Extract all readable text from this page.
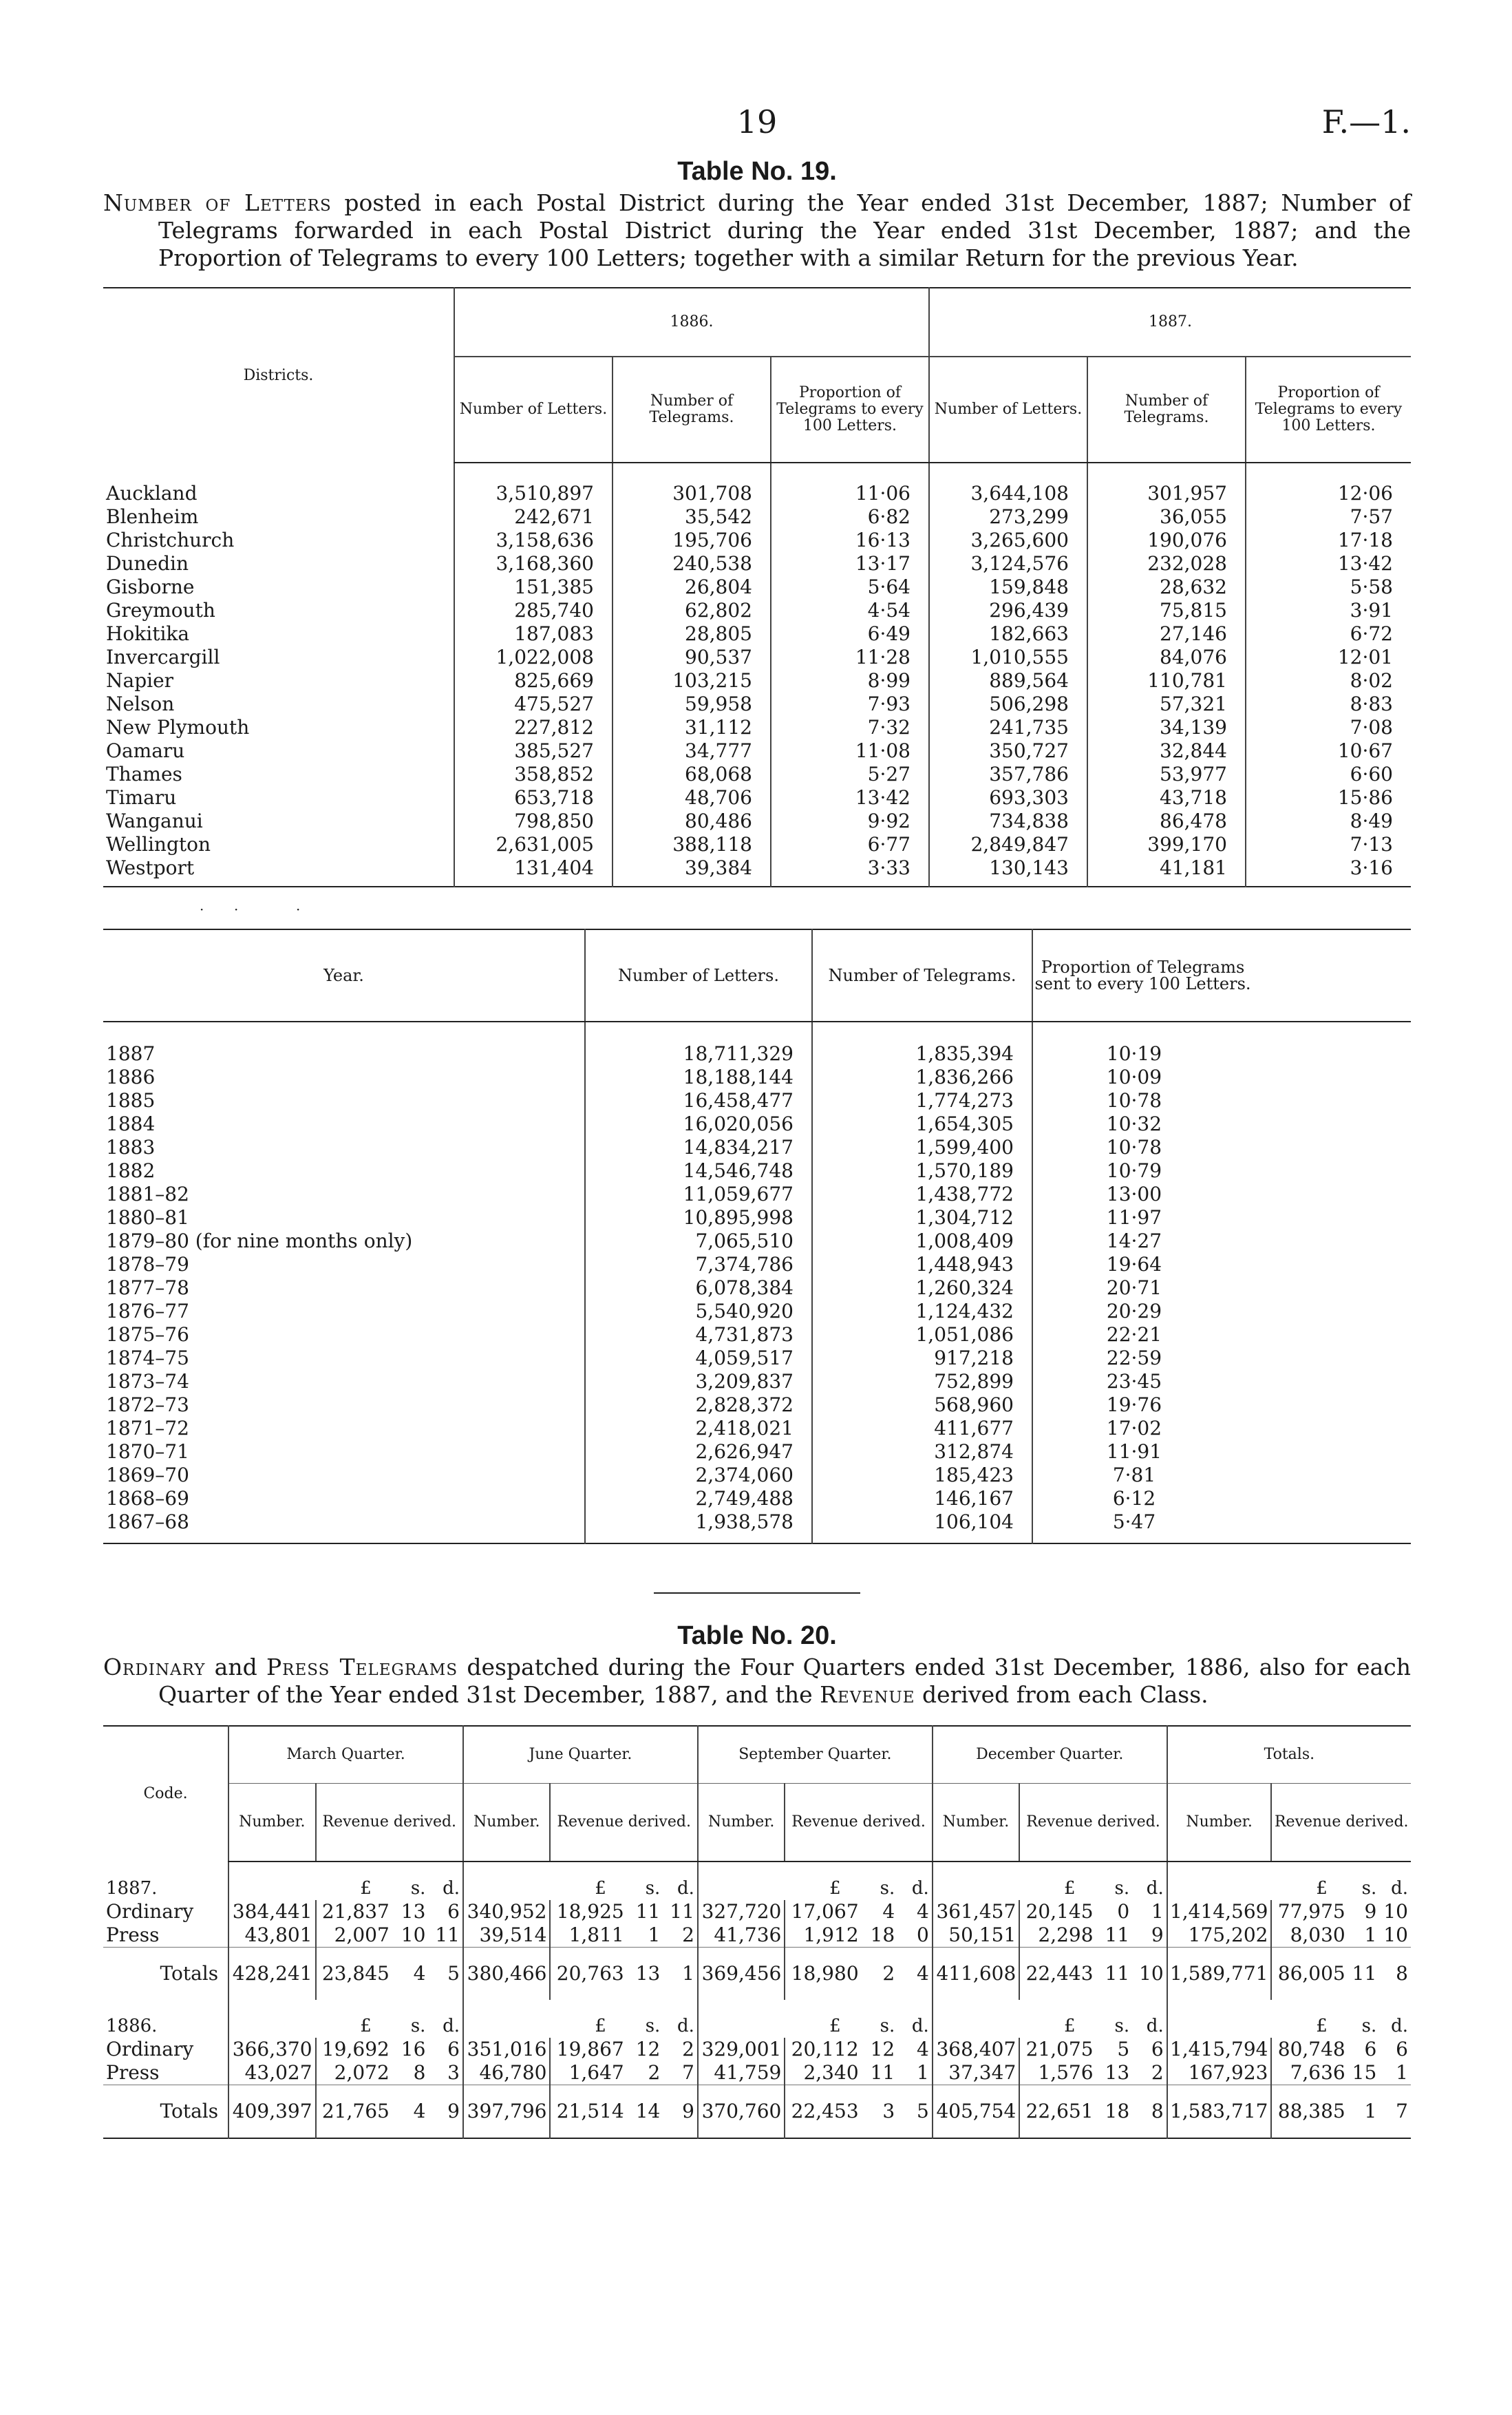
19	F.—1.
Table No. 19.
Number of Letters posted in each Postal District during the Year ended 31st December, 1887; Number of Telegrams forwarded in each Postal District during the Year ended 31st December, 1887; and the Proportion of Telegrams to every 100 Letters; together with a similar Return for the previous Year.
Districts.	1886.			1887.		
	Number of Letters.	Number of Telegrams.	Proportion of Telegrams to every 100 Letters.	Number of Letters.	Number of Telegrams.	Proportion of Telegrams to every 100 Letters.
Auckland	3,510,897	301,708	11·06	3,644,108	301,957	12·06
Blenheim	242,671	35,542	6·82	273,299	36,055	7·57
Christchurch	3,158,636	195,706	16·13	3,265,600	190,076	17·18
Dunedin	3,168,360	240,538	13·17	3,124,576	232,028	13·42
Gisborne	151,385	26,804	5·64	159,848	28,632	5·58
Greymouth	285,740	62,802	4·54	296,439	75,815	3·91
Hokitika	187,083	28,805	6·49	182,663	27,146	6·72
Invercargill	1,022,008	90,537	11·28	1,010,555	84,076	12·01
Napier	825,669	103,215	8·99	889,564	110,781	8·02
Nelson	475,527	59,958	7·93	506,298	57,321	8·83
New Plymouth	227,812	31,112	7·32	241,735	34,139	7·08
Oamaru	385,527	34,777	11·08	350,727	32,844	10·67
Thames	358,852	68,068	5·27	357,786	53,977	6·60
Timaru	653,718	48,706	13·42	693,303	43,718	15·86
Wanganui	798,850	80,486	9·92	734,838	86,478	8·49
Wellington	2,631,005	388,118	6·77	2,849,847	399,170	7·13
Westport	131,404	39,384	3·33	130,143	41,181	3·16
· ·	·
Year.	Number of Letters.	Number of Telegrams.	Proportion of Telegrams sent to every 100 Letters.	
1887	18,711,329	1,835,394	10·19	
1886	18,188,144	1,836,266	10·09	
1885	16,458,477	1,774,273	10·78	
1884	16,020,056	1,654,305	10·32	
1883	14,834,217	1,599,400	10·78	
1882	14,546,748	1,570,189	10·79	
1881–82	11,059,677	1,438,772	13·00	
1880–81	10,895,998	1,304,712	11·97	
1879–80 (for nine months only)	7,065,510	1,008,409	14·27	
1878–79	7,374,786	1,448,943	19·64	
1877–78	6,078,384	1,260,324	20·71	
1876–77	5,540,920	1,124,432	20·29	
1875–76	4,731,873	1,051,086	22·21	
1874–75	4,059,517	917,218	22·59	
1873–74	3,209,837	752,899	23·45	
1872–73	2,828,372	568,960	19·76	
1871–72	2,418,021	411,677	17·02	
1870–71	2,626,947	312,874	11·91	
1869–70	2,374,060	185,423	7·81	
1868–69	2,749,488	146,167	6·12	
1867–68	1,938,578	106,104	5·47	
Table No. 20.
Ordinary and Press Telegrams despatched during the Four Quarters ended 31st December, 1886, also for each Quarter of the Year ended 31st December, 1887, and the Revenue derived from each Class.
Code.	March Quarter.				June Quarter.				September Quarter.				December Quarter.				Totals.			
	Number.	Revenue derived.			Number.	Revenue derived.			Number.	Revenue derived.			Number.	Revenue derived.			Number.	Revenue derived.		
1887.		£	s.	d.		£	s.	d.		£	s.	d.		£	s.	d.		£	s.	d.
Ordinary	384,441	21,837	13	6	340,952	18,925	11	11	327,720	17,067	4	4	361,457	20,145	0	1	1,414,569	77,975	9	10
Press	43,801	2,007	10	11	39,514	1,811	1	2	41,736	1,912	18	0	50,151	2,298	11	9	175,202	8,030	1	10
Totals	428,241	23,845	4	5	380,466	20,763	13	1	369,456	18,980	2	4	411,608	22,443	11	10	1,589,771	86,005	11	8
1886.		£	s.	d.		£	s.	d.		£	s.	d.		£	s.	d.		£	s.	d.
Ordinary	366,370	19,692	16	6	351,016	19,867	12	2	329,001	20,112	12	4	368,407	21,075	5	6	1,415,794	80,748	6	6
Press	43,027	2,072	8	3	46,780	1,647	2	7	41,759	2,340	11	1	37,347	1,576	13	2	167,923	7,636	15	1
Totals	409,397	21,765	4	9	397,796	21,514	14	9	370,760	22,453	3	5	405,754	22,651	18	8	1,583,717	88,385	1	7
